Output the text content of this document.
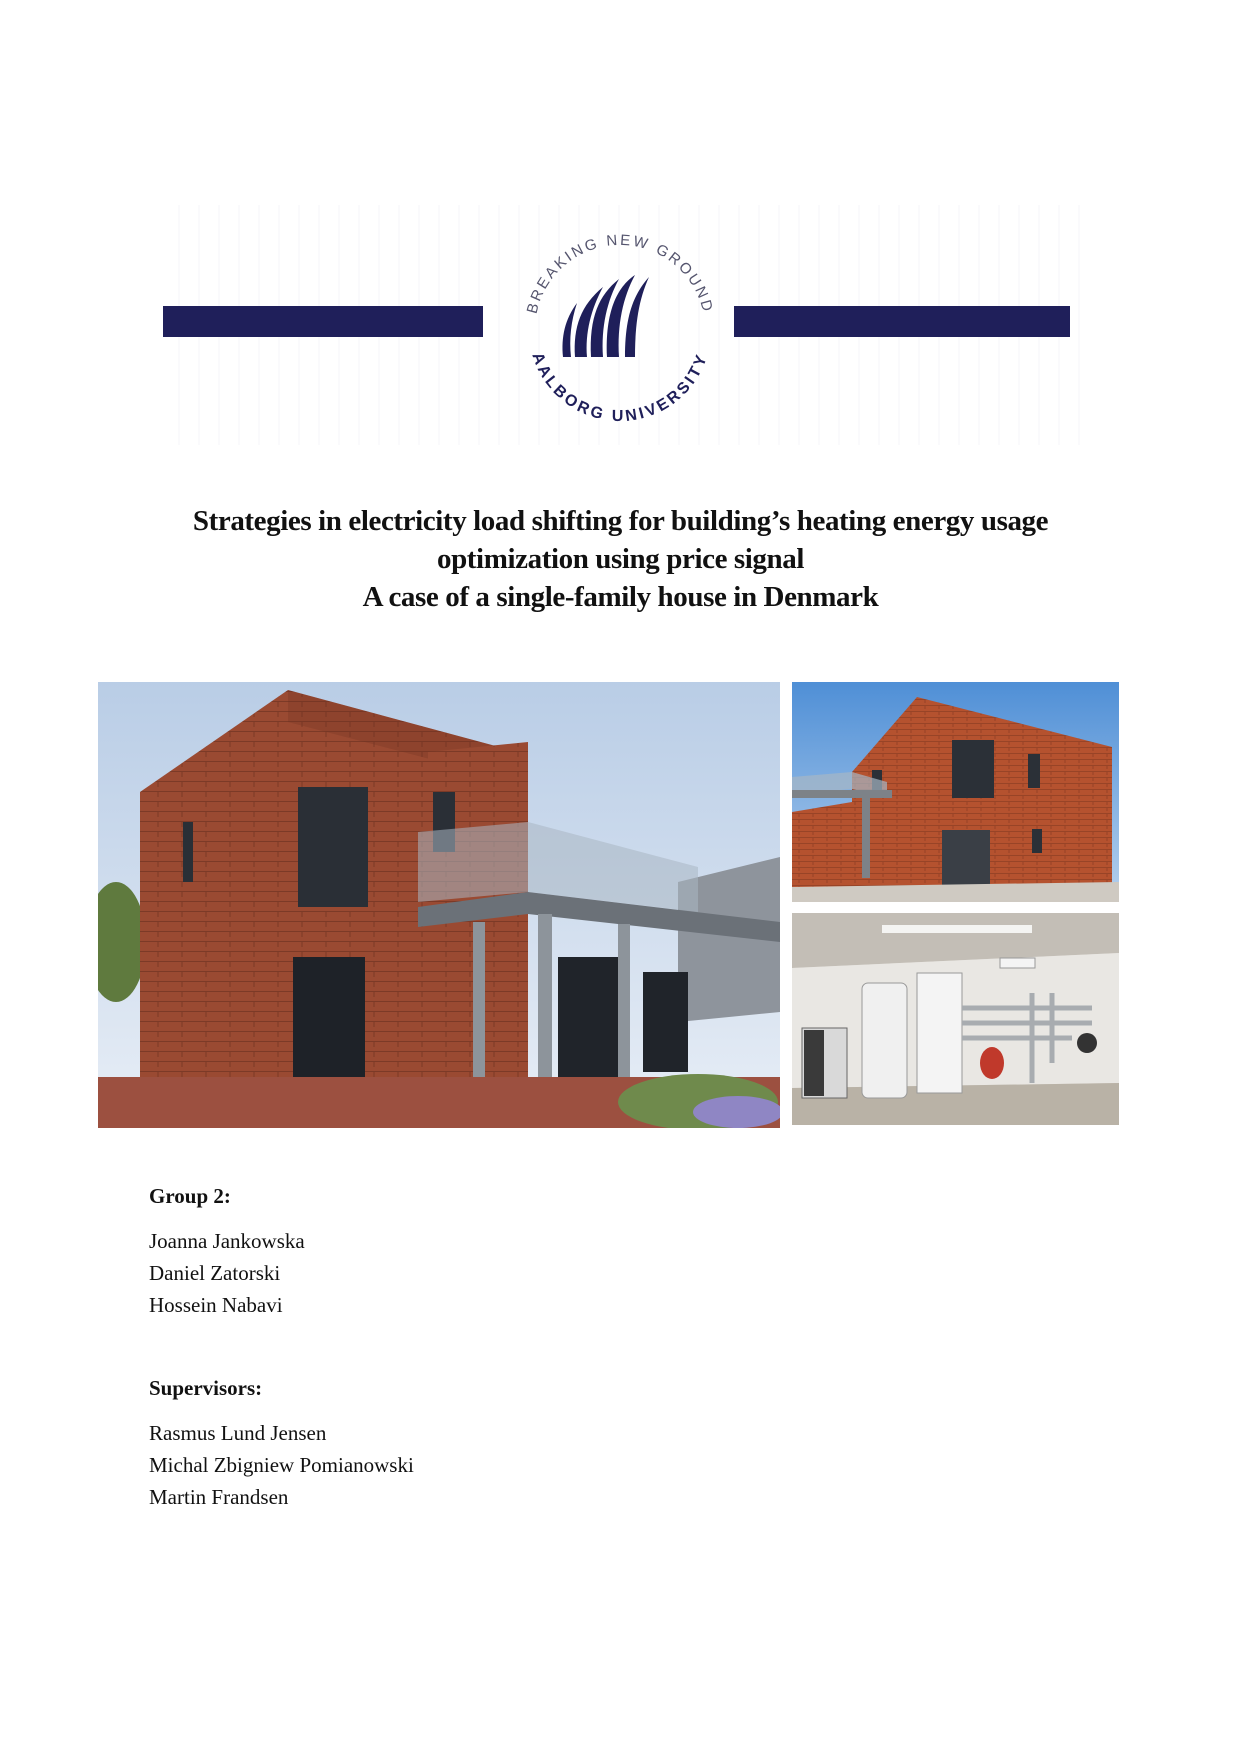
BREAKING NEW GROUND
AALBORG UNIVERSITY
Strategies in electricity load shifting for building’s heating energy usage
optimization using price signal
A case of a single-family house in Denmark
Group 2:
Joanna Jankowska
Daniel Zatorski
Hossein Nabavi
Supervisors:
Rasmus Lund Jensen
Michal Zbigniew Pomianowski
Martin Frandsen
